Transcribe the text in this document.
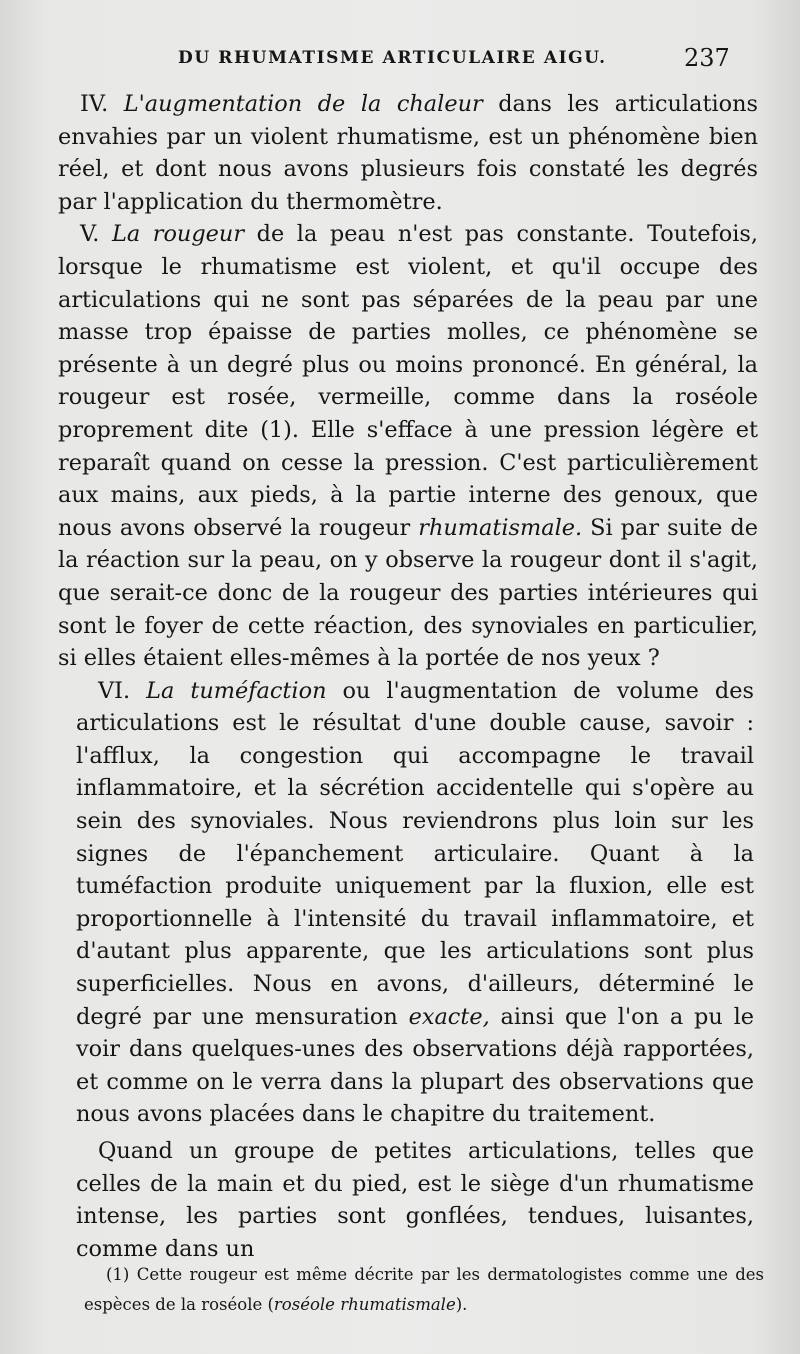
DU RHUMATISME ARTICULAIRE AIGU.	237

IV. L'augmentation de la chaleur dans les articulations envahies par un violent rhumatisme, est un phénomène bien réel, et dont nous avons plusieurs fois constaté les degrés par l'application du thermomètre.

V. La rougeur de la peau n'est pas constante. Toutefois, lorsque le rhumatisme est violent, et qu'il occupe des articulations qui ne sont pas séparées de la peau par une masse trop épaisse de parties molles, ce phénomène se présente à un degré plus ou moins prononcé. En général, la rougeur est rosée, vermeille, comme dans la roséole proprement dite (1). Elle s'efface à une pression légère et reparaît quand on cesse la pression. C'est particulièrement aux mains, aux pieds, à la partie interne des genoux, que nous avons observé la rougeur rhumatismale. Si par suite de la réaction sur la peau, on y observe la rougeur dont il s'agit, que serait-ce donc de la rougeur des parties intérieures qui sont le foyer de cette réaction, des synoviales en particulier, si elles étaient elles-mêmes à la portée de nos yeux ?

VI. La tuméfaction ou l'augmentation de volume des articulations est le résultat d'une double cause, savoir : l'afflux, la congestion qui accompagne le travail inflammatoire, et la sécrétion accidentelle qui s'opère au sein des synoviales. Nous reviendrons plus loin sur les signes de l'épanchement articulaire. Quant à la tuméfaction produite uniquement par la fluxion, elle est proportionnelle à l'intensité du travail inflammatoire, et d'autant plus apparente, que les articulations sont plus superficielles. Nous en avons, d'ailleurs, déterminé le degré par une mensuration exacte, ainsi que l'on a pu le voir dans quelques-unes des observations déjà rapportées, et comme on le verra dans la plupart des observations que nous avons placées dans le chapitre du traitement.

Quand un groupe de petites articulations, telles que celles de la main et du pied, est le siège d'un rhumatisme intense, les parties sont gonflées, tendues, luisantes, comme dans un

(1) Cette rougeur est même décrite par les dermatologistes comme une des espèces de la roséole (roséole rhumatismale).
